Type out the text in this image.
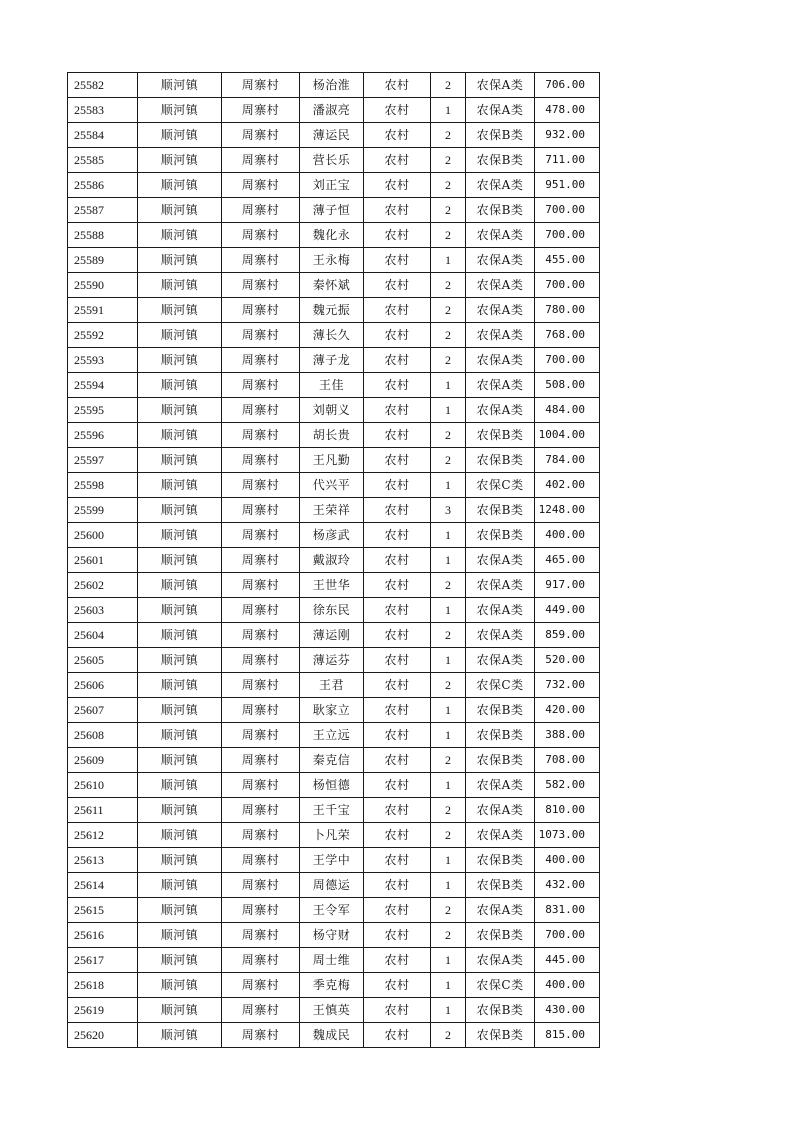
25582	顺河镇	周寨村	杨治淮	农村	2	农保A类	706.00
25583	顺河镇	周寨村	潘淑亮	农村	1	农保A类	478.00
25584	顺河镇	周寨村	薄运民	农村	2	农保B类	932.00
25585	顺河镇	周寨村	营长乐	农村	2	农保B类	711.00
25586	顺河镇	周寨村	刘正宝	农村	2	农保A类	951.00
25587	顺河镇	周寨村	薄子恒	农村	2	农保B类	700.00
25588	顺河镇	周寨村	魏化永	农村	2	农保A类	700.00
25589	顺河镇	周寨村	王永梅	农村	1	农保A类	455.00
25590	顺河镇	周寨村	秦怀斌	农村	2	农保A类	700.00
25591	顺河镇	周寨村	魏元振	农村	2	农保A类	780.00
25592	顺河镇	周寨村	薄长久	农村	2	农保A类	768.00
25593	顺河镇	周寨村	薄子龙	农村	2	农保A类	700.00
25594	顺河镇	周寨村	王佳	农村	1	农保A类	508.00
25595	顺河镇	周寨村	刘朝义	农村	1	农保A类	484.00
25596	顺河镇	周寨村	胡长贵	农村	2	农保B类	1004.00
25597	顺河镇	周寨村	王凡勤	农村	2	农保B类	784.00
25598	顺河镇	周寨村	代兴平	农村	1	农保C类	402.00
25599	顺河镇	周寨村	王荣祥	农村	3	农保B类	1248.00
25600	顺河镇	周寨村	杨彦武	农村	1	农保B类	400.00
25601	顺河镇	周寨村	戴淑玲	农村	1	农保A类	465.00
25602	顺河镇	周寨村	王世华	农村	2	农保A类	917.00
25603	顺河镇	周寨村	徐东民	农村	1	农保A类	449.00
25604	顺河镇	周寨村	薄运刚	农村	2	农保A类	859.00
25605	顺河镇	周寨村	薄运芬	农村	1	农保A类	520.00
25606	顺河镇	周寨村	王君	农村	2	农保C类	732.00
25607	顺河镇	周寨村	耿家立	农村	1	农保B类	420.00
25608	顺河镇	周寨村	王立远	农村	1	农保B类	388.00
25609	顺河镇	周寨村	秦克信	农村	2	农保B类	708.00
25610	顺河镇	周寨村	杨恒德	农村	1	农保A类	582.00
25611	顺河镇	周寨村	王千宝	农村	2	农保A类	810.00
25612	顺河镇	周寨村	卜凡荣	农村	2	农保A类	1073.00
25613	顺河镇	周寨村	王学中	农村	1	农保B类	400.00
25614	顺河镇	周寨村	周德运	农村	1	农保B类	432.00
25615	顺河镇	周寨村	王令军	农村	2	农保A类	831.00
25616	顺河镇	周寨村	杨守财	农村	2	农保B类	700.00
25617	顺河镇	周寨村	周士维	农村	1	农保A类	445.00
25618	顺河镇	周寨村	季克梅	农村	1	农保C类	400.00
25619	顺河镇	周寨村	王慎英	农村	1	农保B类	430.00
25620	顺河镇	周寨村	魏成民	农村	2	农保B类	815.00
